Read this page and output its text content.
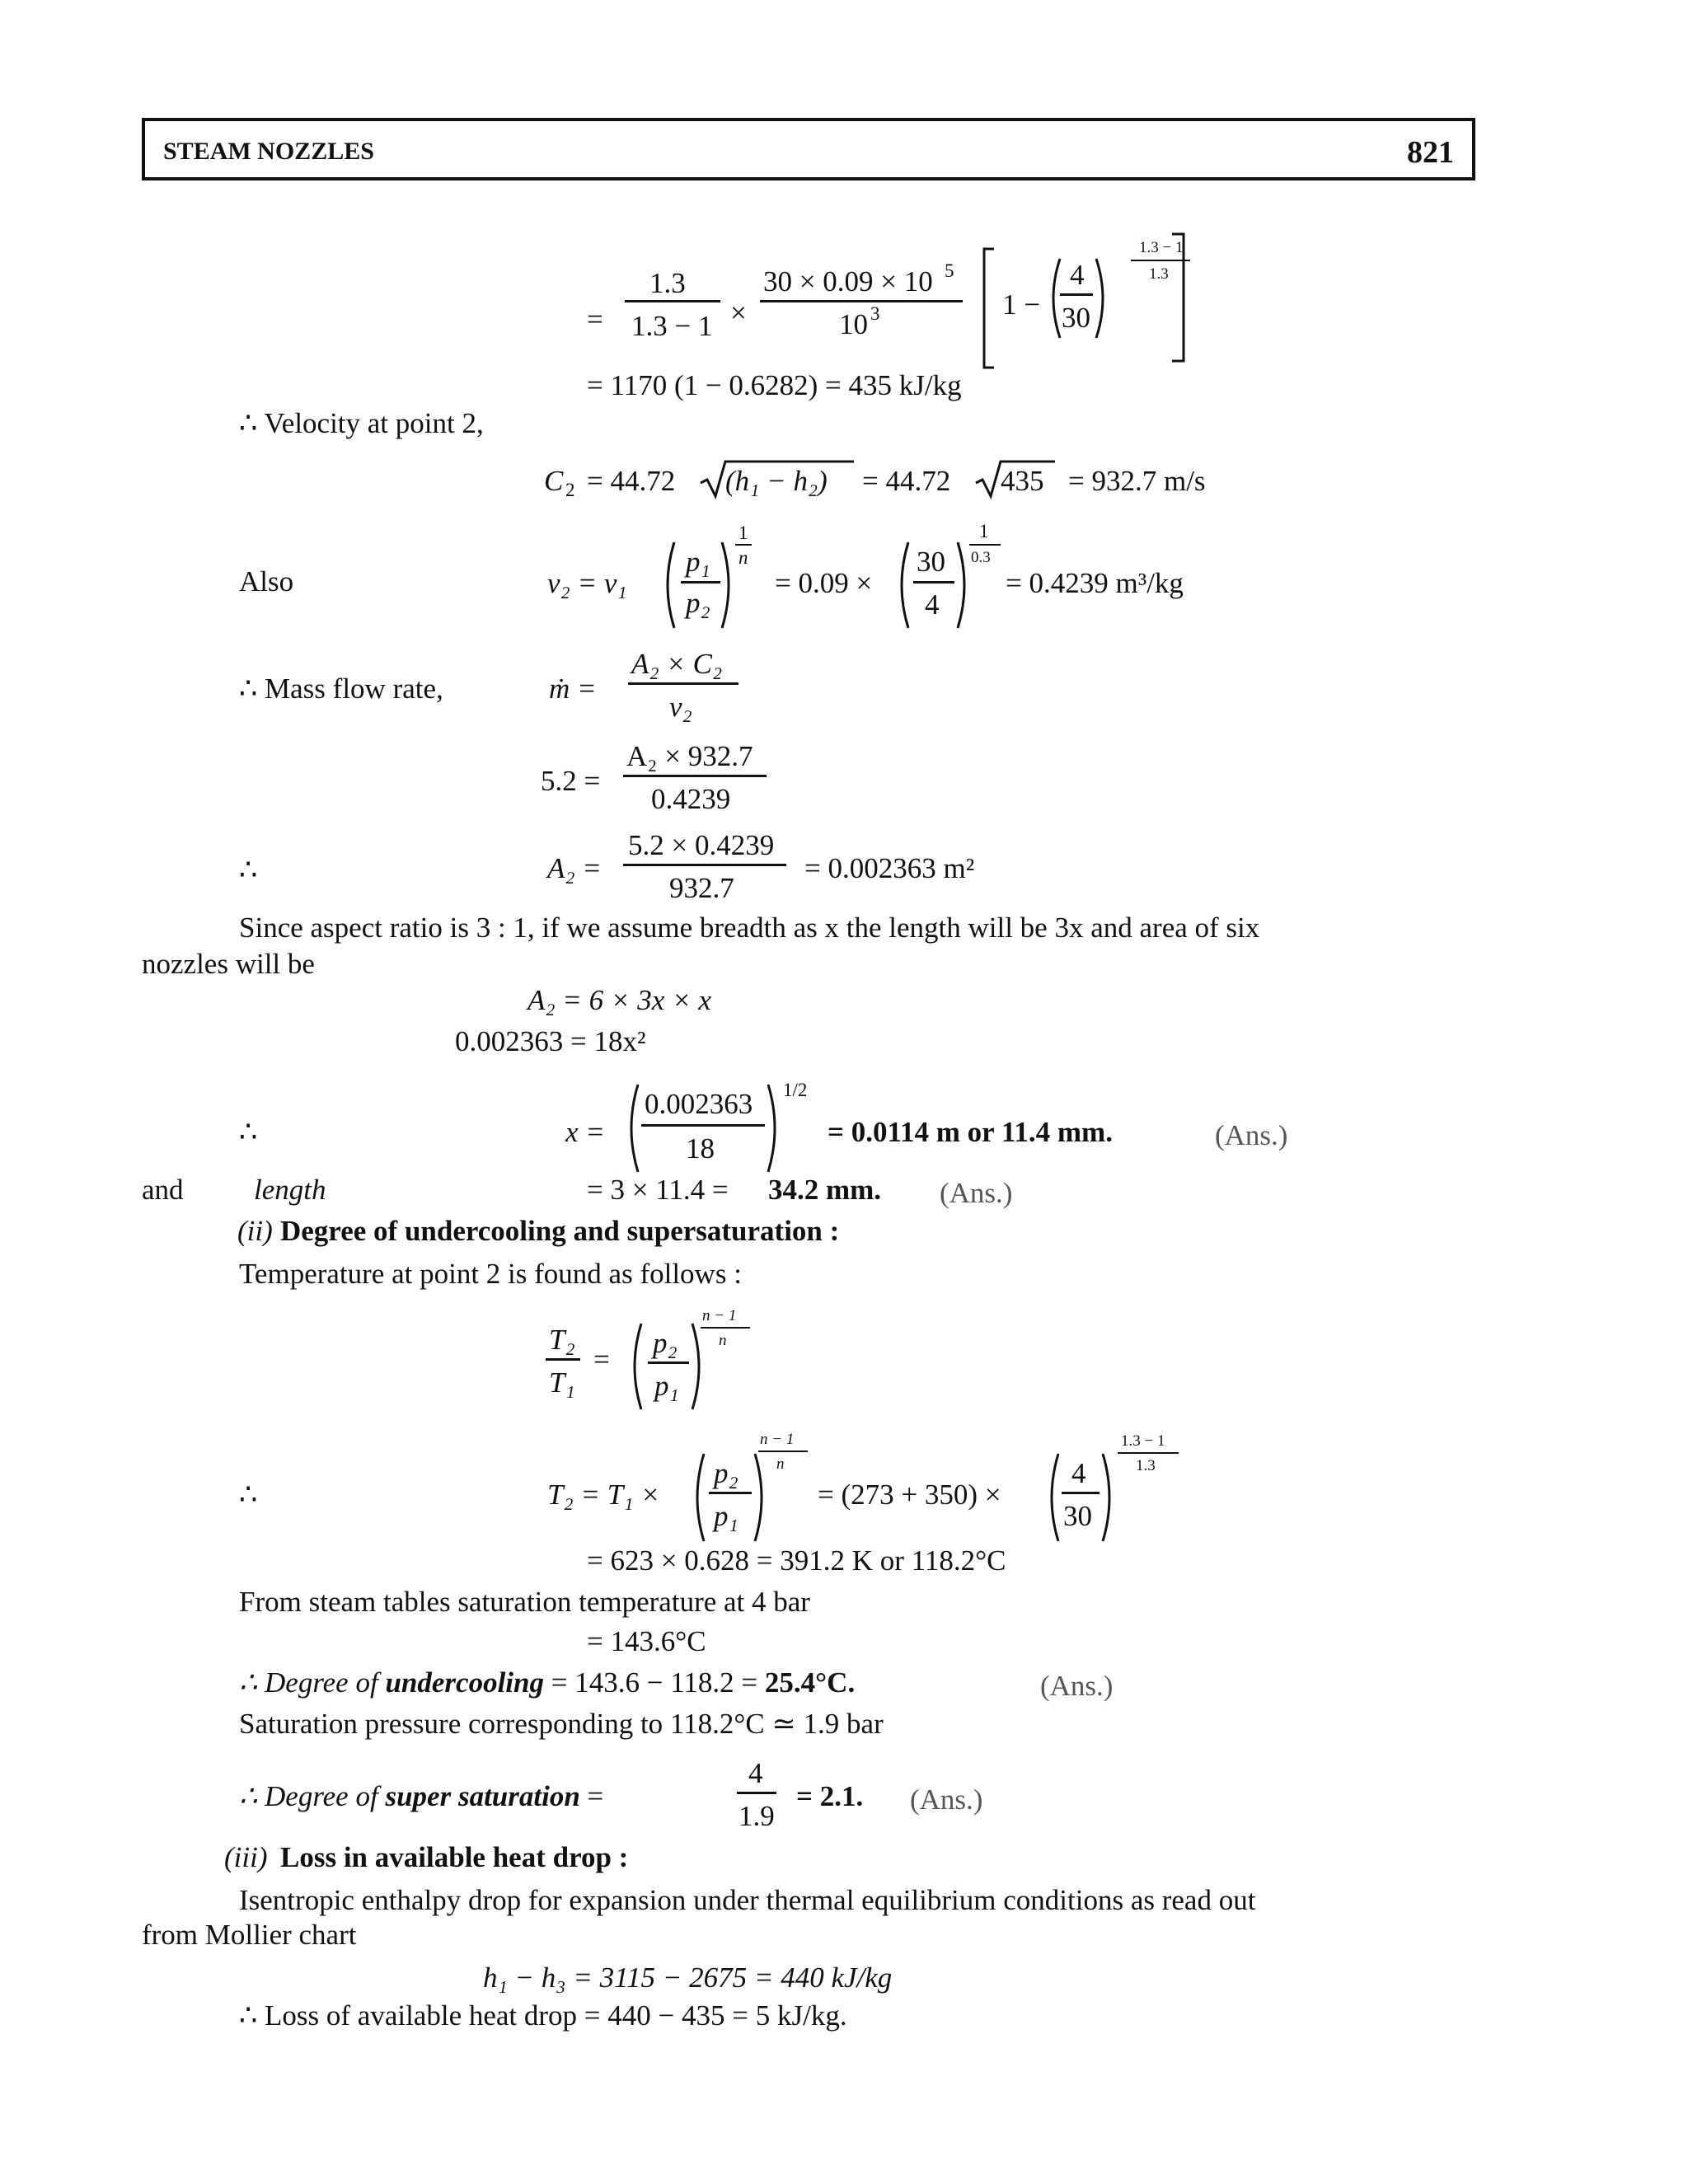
STEAM NOZZLES	821
=
1.3
1.3 − 1 ×
30 × 0.09 × 10 5
10 3	1 −
4
30
1.3 − 1
1.3
= 1170 (1 − 0.6282) = 435 kJ/kg
∴ Velocity at point 2,
C 2 = 44.72 (h₁ − h₂) = 44.72 435 = 932.7 m/s
Also	v₂ = v₁
p₁
p₂
1
n
= 0.09 ×
30
4
1
0.3
= 0.4239 m³/kg
∴ Mass flow rate,	ṁ =
A₂ × C₂
v₂
5.2 =
A₂ × 932.7
0.4239
∴	A₂ =
5.2 × 0.4239
932.7
= 0.002363 m²
Since aspect ratio is 3 : 1, if we assume breadth as x the length will be 3x and area of six
nozzles will be
A₂ = 6 × 3x × x
0.002363 = 18x²
∴	x =
0.002363
18
1/2
= 0.0114 m or 11.4 mm.	(Ans.)
and length	= 3 × 11.4 = 34.2 mm. (Ans.)
(ii) Degree of undercooling and supersaturation :
Temperature at point 2 is found as follows :
T₂
T₁
=
p₂
p₁
n − 1
n
∴	T₂ = T₁ ×
p₂
p₁
n − 1
n
= (273 + 350) ×
4
30
1.3 − 1
1.3
= 623 × 0.628 = 391.2 K or 118.2°C
From steam tables saturation temperature at 4 bar
= 143.6°C
∴ Degree of undercooling = 143.6 − 118.2 = 25.4°C.	(Ans.)
Saturation pressure corresponding to 118.2°C ≃ 1.9 bar
∴ Degree of super saturation =
4
1.9
= 2.1. (Ans.)
(iii) Loss in available heat drop :
Isentropic enthalpy drop for expansion under thermal equilibrium conditions as read out
from Mollier chart
h₁ − h₃ = 3115 − 2675 = 440 kJ/kg
∴ Loss of available heat drop = 440 − 435 = 5 kJ/kg.
